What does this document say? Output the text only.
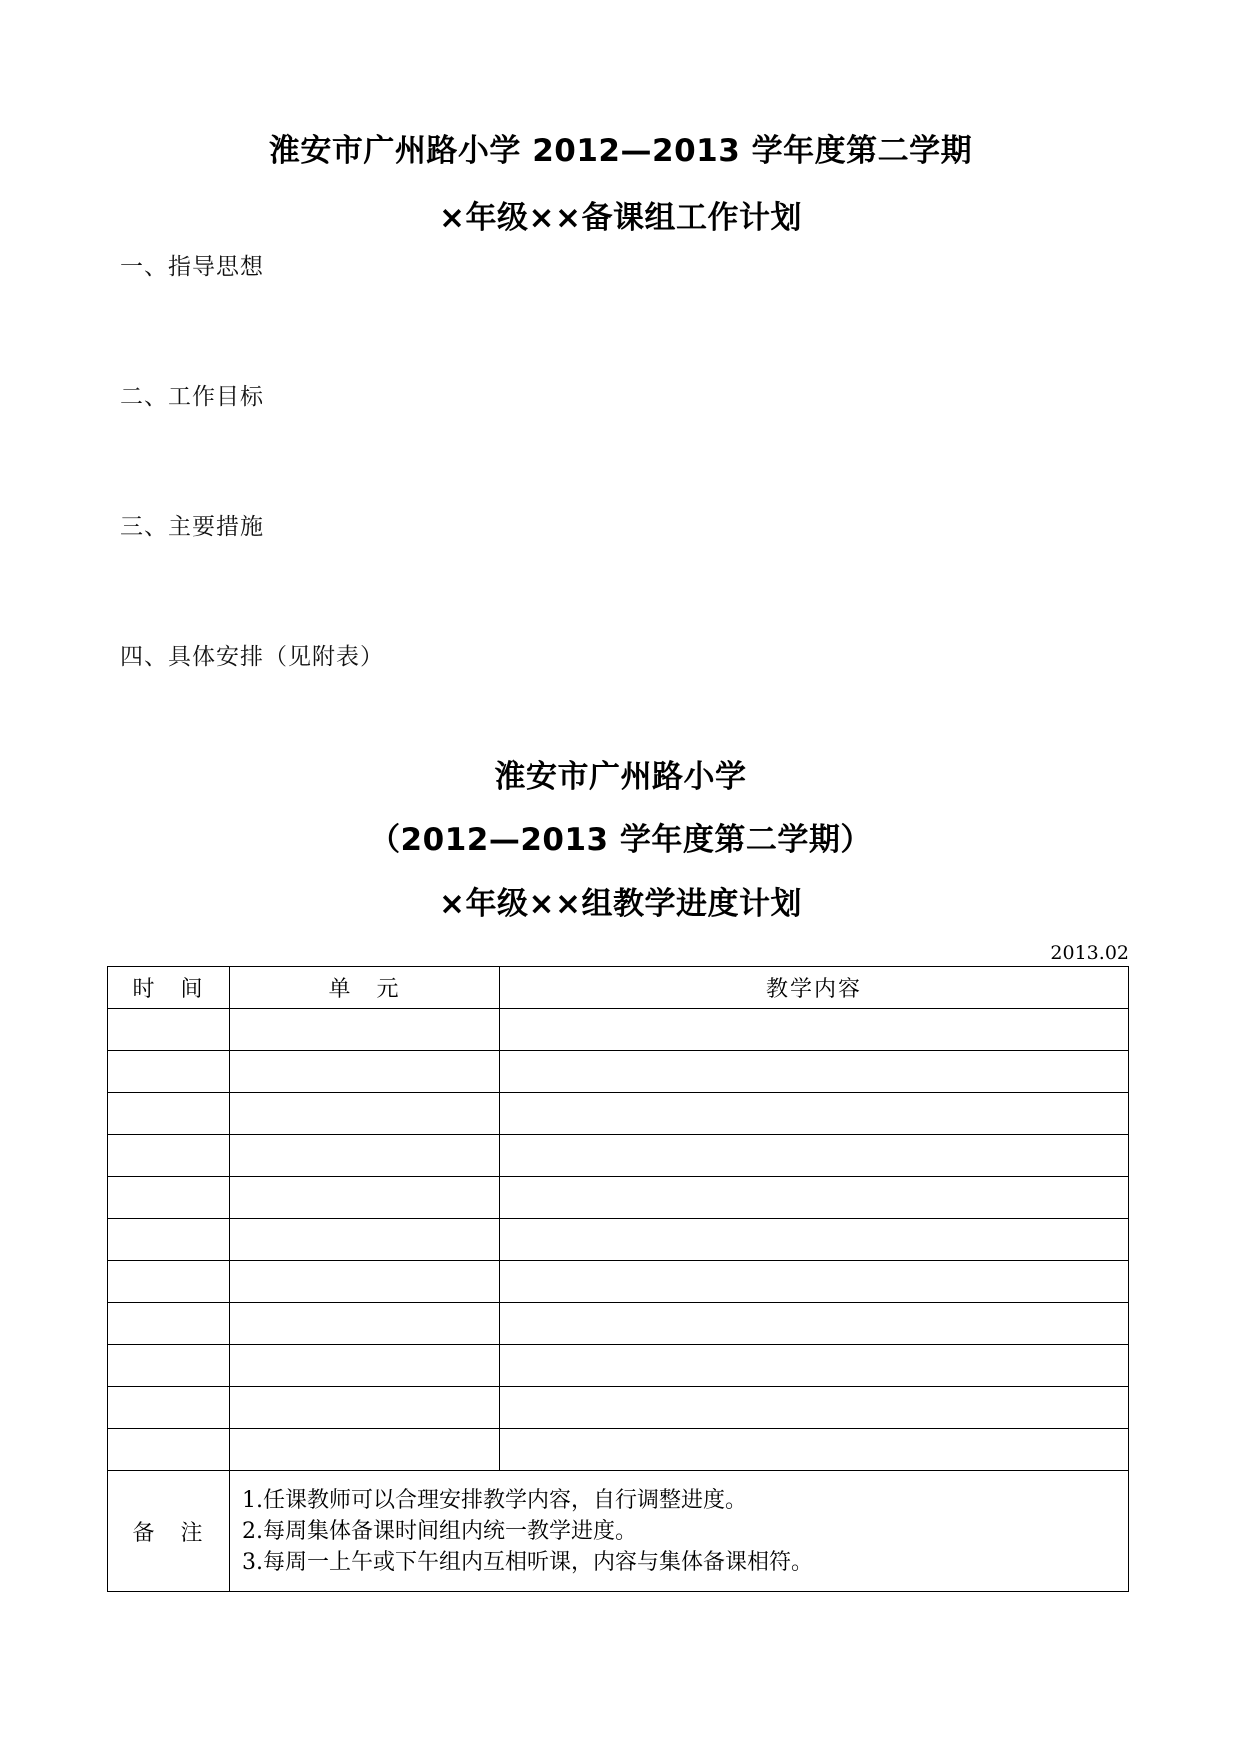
淮安市广州路小学 2012—2013 学年度第二学期
×年级××备课组工作计划
一、指导思想
二、工作目标
三、主要措施
四、具体安排（见附表）
淮安市广州路小学
（2012—2013 学年度第二学期）
×年级××组教学进度计划
2013.02
时　间	单　元	教学内容

备　注	1.任课教师可以合理安排教学内容，自行调整进度。
2.每周集体备课时间组内统一教学进度。
3.每周一上午或下午组内互相听课，内容与集体备课相符。	
